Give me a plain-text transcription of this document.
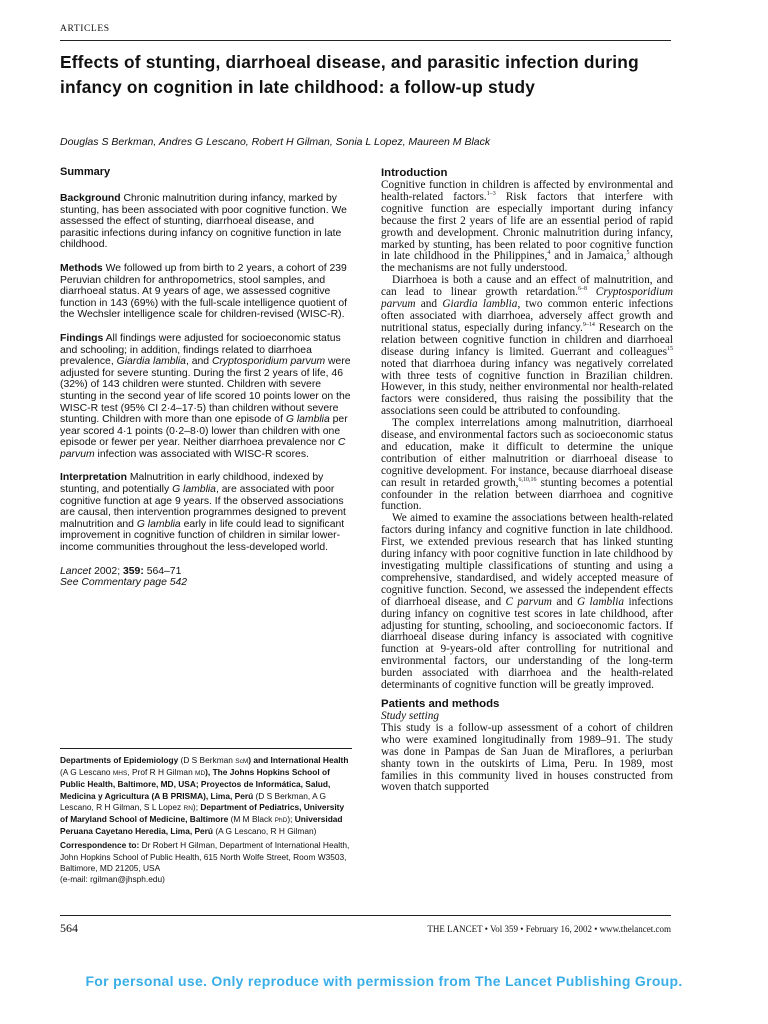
ARTICLES
Effects of stunting, diarrhoeal disease, and parasitic infection during infancy on cognition in late childhood: a follow-up study
Douglas S Berkman, Andres G Lescano, Robert H Gilman, Sonia L Lopez, Maureen M Black
Summary

Background Chronic malnutrition during infancy, marked by stunting, has been associated with poor cognitive function. We assessed the effect of stunting, diarrhoeal disease, and parasitic infections during infancy on cognitive function in late childhood.

Methods We followed up from birth to 2 years, a cohort of 239 Peruvian children for anthropometrics, stool samples, and diarrhoeal status. At 9 years of age, we assessed cognitive function in 143 (69%) with the full-scale intelligence quotient of the Wechsler intelligence scale for children-revised (WISC-R).

Findings All findings were adjusted for socioeconomic status and schooling; in addition, findings related to diarrhoea prevalence, Giardia lamblia, and Cryptosporidium parvum were adjusted for severe stunting. During the first 2 years of life, 46 (32%) of 143 children were stunted. Children with severe stunting in the second year of life scored 10 points lower on the WISC-R test (95% CI 2·4–17·5) than children without severe stunting. Children with more than one episode of G lamblia per year scored 4·1 points (0·2–8·0) lower than children with one episode or fewer per year. Neither diarrhoea prevalence nor C parvum infection was associated with WISC-R scores.

Interpretation Malnutrition in early childhood, indexed by stunting, and potentially G lamblia, are associated with poor cognitive function at age 9 years. If the observed associations are causal, then intervention programmes designed to prevent malnutrition and G lamblia early in life could lead to significant improvement in cognitive function of children in similar lower-income communities throughout the less-developed world.

Lancet 2002; 359: 564–71
See Commentary page 542

Departments of Epidemiology (D S Berkman ScM) and International Health (A G Lescano MHS, Prof R H Gilman MD), The Johns Hopkins School of Public Health, Baltimore, MD, USA; Proyectos de Informática, Salud, Medicina y Agricultura (A B PRISMA), Lima, Perú (D S Berkman, A G Lescano, R H Gilman, S L Lopez RN); Department of Pediatrics, University of Maryland School of Medicine, Baltimore (M M Black PhD); Universidad Peruana Cayetano Heredia, Lima, Perú (A G Lescano, R H Gilman)

Correspondence to: Dr Robert H Gilman, Department of International Health, John Hopkins School of Public Health, 615 North Wolfe Street, Room W3503, Baltimore, MD 21205, USA
(e-mail: rgilman@jhsph.edu)

Introduction

Cognitive function in children is affected by environmental and health-related factors.$^{1-3}$ Risk factors that interfere with cognitive function are especially important during infancy because the first 2 years of life are an essential period of rapid growth and development. Chronic malnutrition during infancy, marked by stunting, has been related to poor cognitive function in late childhood in the Philippines,$^4$ and in Jamaica,$^5$ although the mechanisms are not fully understood.

Diarrhoea is both a cause and an effect of malnutrition, and can lead to linear growth retardation.$^{6-8}$ Cryptosporidium parvum and Giardia lamblia, two common enteric infections often associated with diarrhoea, adversely affect growth and nutritional status, especially during infancy.$^{9-14}$ Research on the relation between cognitive function in children and diarrhoeal disease during infancy is limited. Guerrant and colleagues$^{15}$ noted that diarrhoea during infancy was negatively correlated with three tests of cognitive function in Brazilian children. However, in this study, neither environmental nor health-related factors were considered, thus raising the possibility that the associations seen could be attributed to confounding.

The complex interrelations among malnutrition, diarrhoeal disease, and environmental factors such as socioeconomic status and education, make it difficult to determine the unique contribution of either malnutrition or diarrhoeal disease to cognitive development. For instance, because diarrhoeal disease can result in retarded growth,$^{6,10,16}$ stunting becomes a potential confounder in the relation between diarrhoea and cognitive function.

We aimed to examine the associations between health-related factors during infancy and cognitive function in late childhood. First, we extended previous research that has linked stunting during infancy with poor cognitive function in late childhood by investigating multiple classifications of stunting and using a comprehensive, standardised, and widely accepted measure of cognitive function. Second, we assessed the independent effects of diarrhoeal disease, and C parvum and G lamblia infections during infancy on cognitive test scores in late childhood, after adjusting for stunting, schooling, and socioeconomic factors. If diarrhoeal disease during infancy is associated with cognitive function at 9-years-old after controlling for nutritional and environmental factors, our understanding of the long-term burden associated with diarrhoea and the health-related determinants of cognitive function will be greatly improved.

Patients and methods
Study setting

This study is a follow-up assessment of a cohort of children who were examined longitudinally from 1989–91. The study was done in Pampas de San Juan de Miraflores, a periurban shanty town in the outskirts of Lima, Peru. In 1989, most families in this community lived in houses constructed from woven thatch supported

564	THE LANCET • Vol 359 • February 16, 2002 • www.thelancet.com
For personal use. Only reproduce with permission from The Lancet Publishing Group.
